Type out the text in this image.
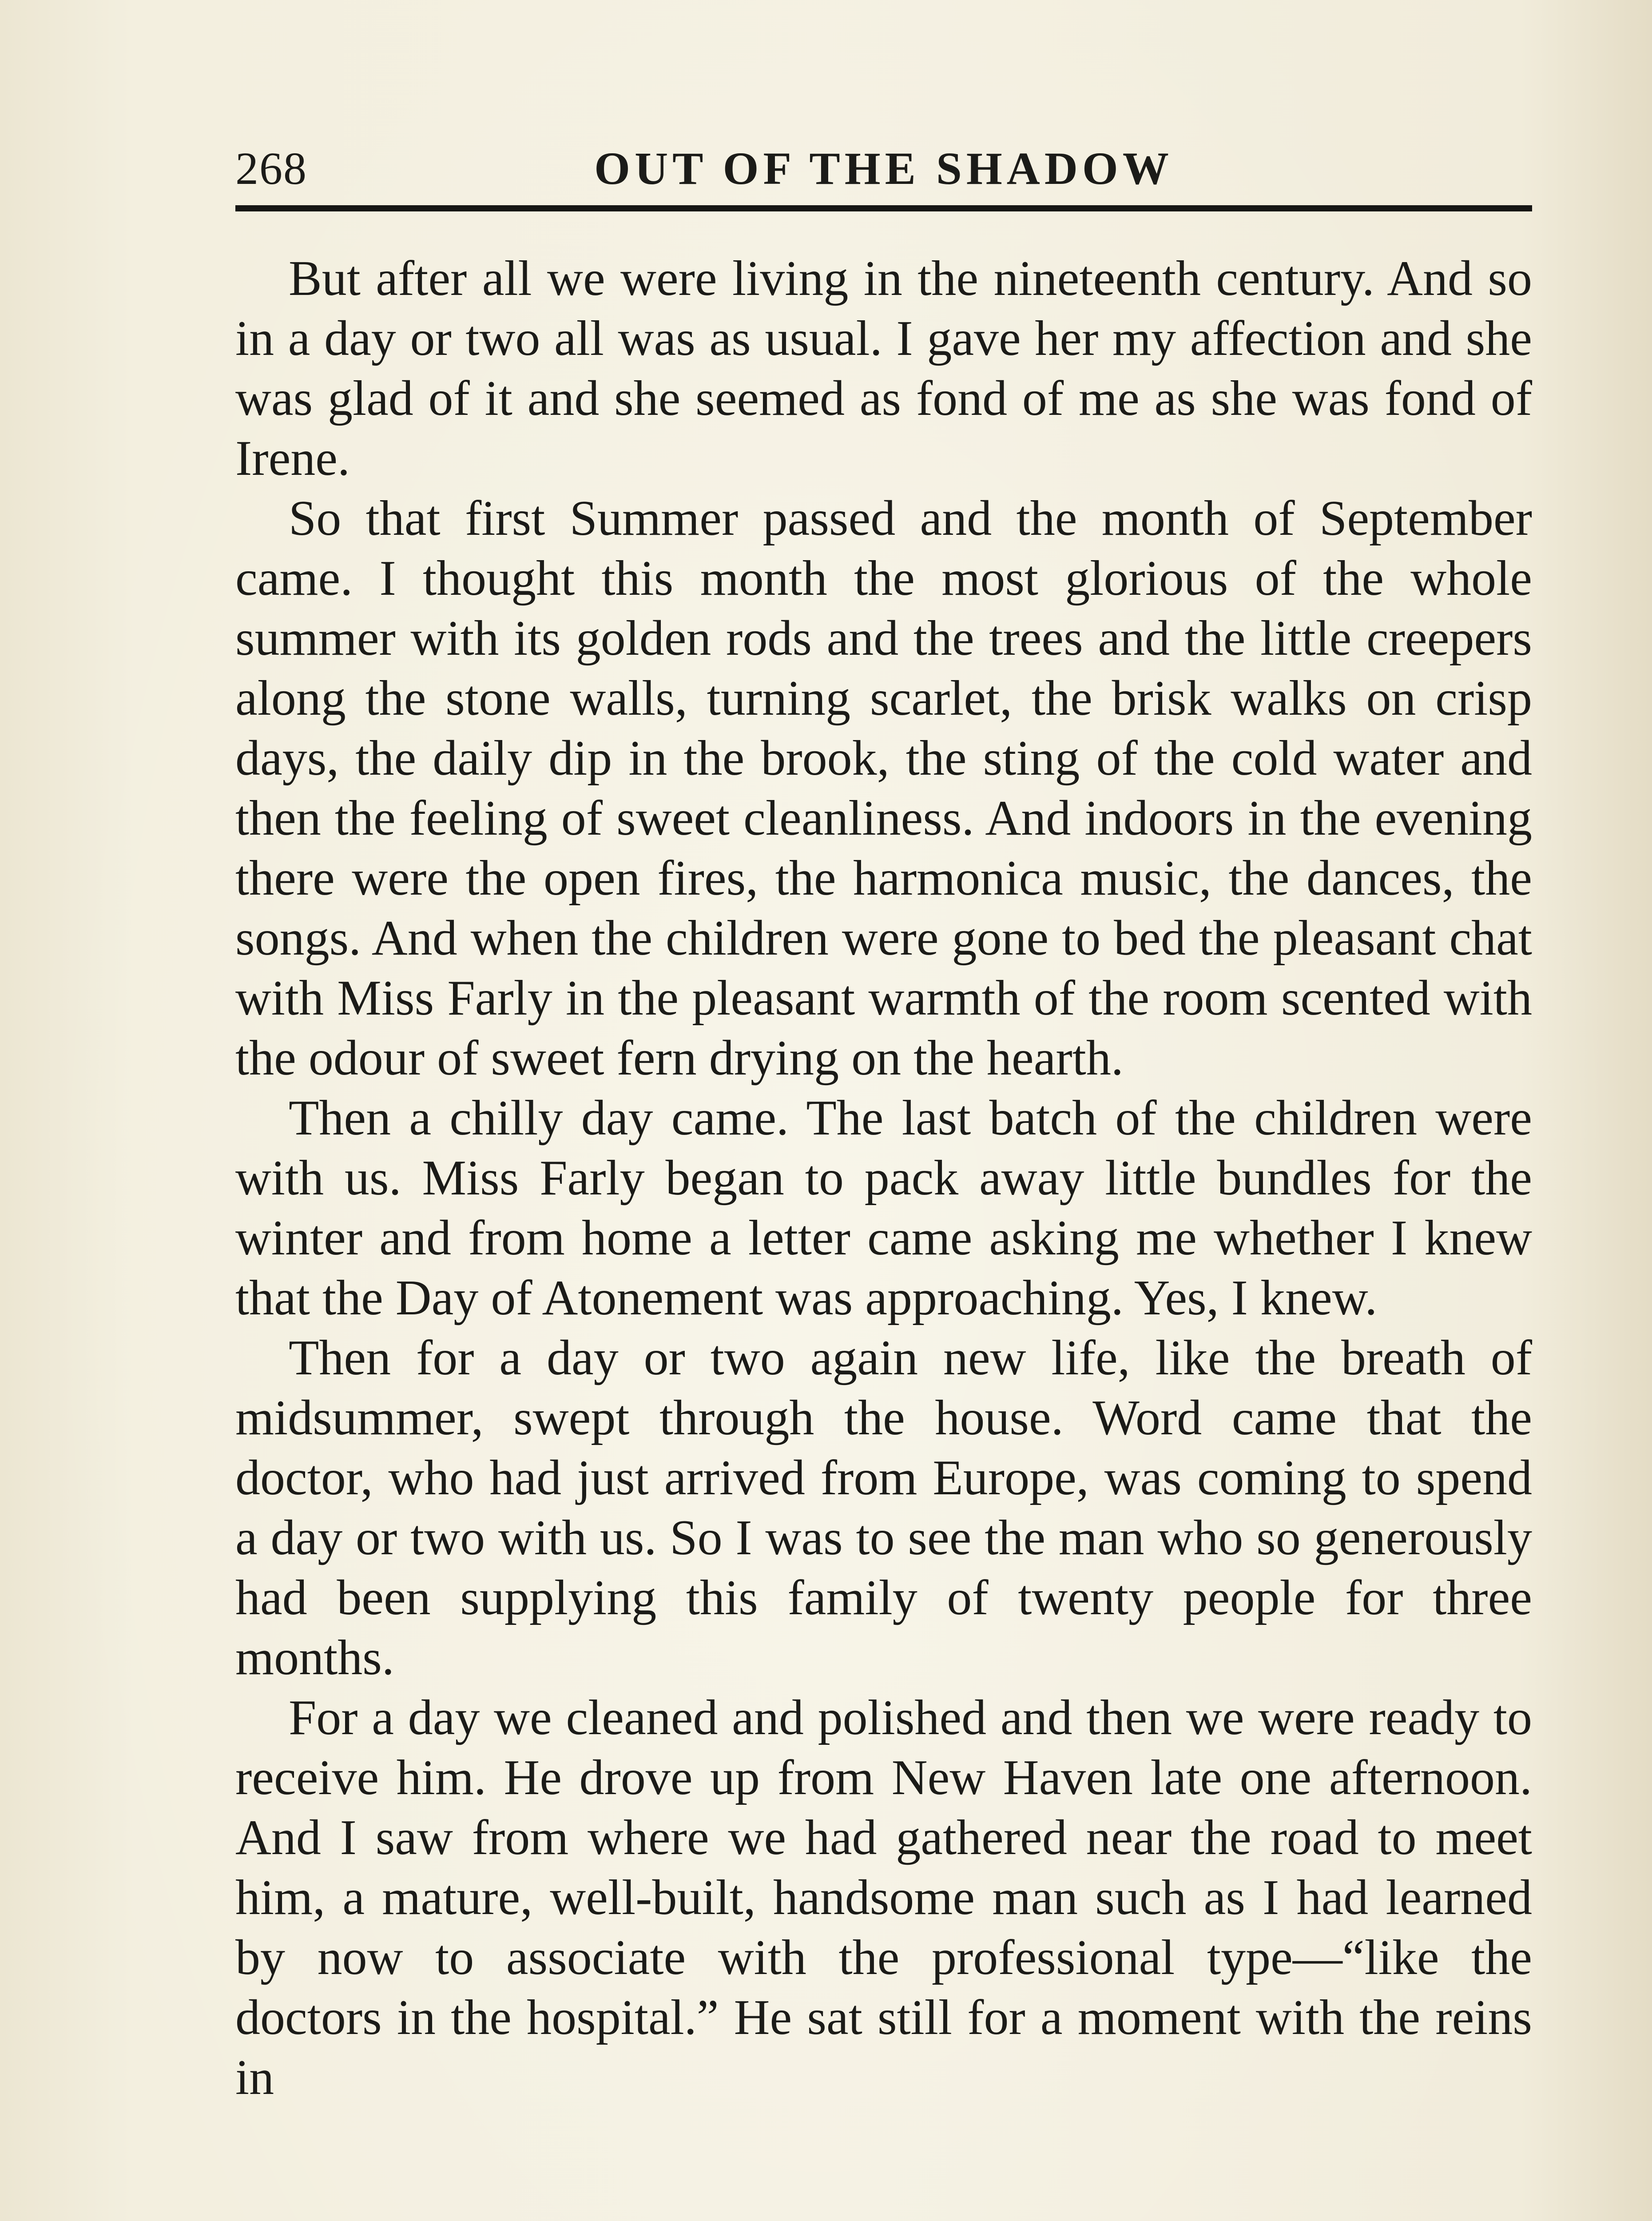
268	OUT OF THE SHADOW

But after all we were living in the nineteenth century. And so in a day or two all was as usual. I gave her my affection and she was glad of it and she seemed as fond of me as she was fond of Irene.

So that first Summer passed and the month of September came. I thought this month the most glorious of the whole summer with its golden rods and the trees and the little creepers along the stone walls, turning scarlet, the brisk walks on crisp days, the daily dip in the brook, the sting of the cold water and then the feeling of sweet cleanliness. And indoors in the evening there were the open fires, the harmonica music, the dances, the songs. And when the children were gone to bed the pleasant chat with Miss Farly in the pleasant warmth of the room scented with the odour of sweet fern drying on the hearth.

Then a chilly day came. The last batch of the children were with us. Miss Farly began to pack away little bundles for the winter and from home a letter came asking me whether I knew that the Day of Atonement was approaching. Yes, I knew.

Then for a day or two again new life, like the breath of midsummer, swept through the house. Word came that the doctor, who had just arrived from Europe, was coming to spend a day or two with us. So I was to see the man who so generously had been supplying this family of twenty people for three months.

For a day we cleaned and polished and then we were ready to receive him. He drove up from New Haven late one afternoon. And I saw from where we had gathered near the road to meet him, a mature, well-built, handsome man such as I had learned by now to associate with the professional type—“like the doctors in the hospital.” He sat still for a moment with the reins in
